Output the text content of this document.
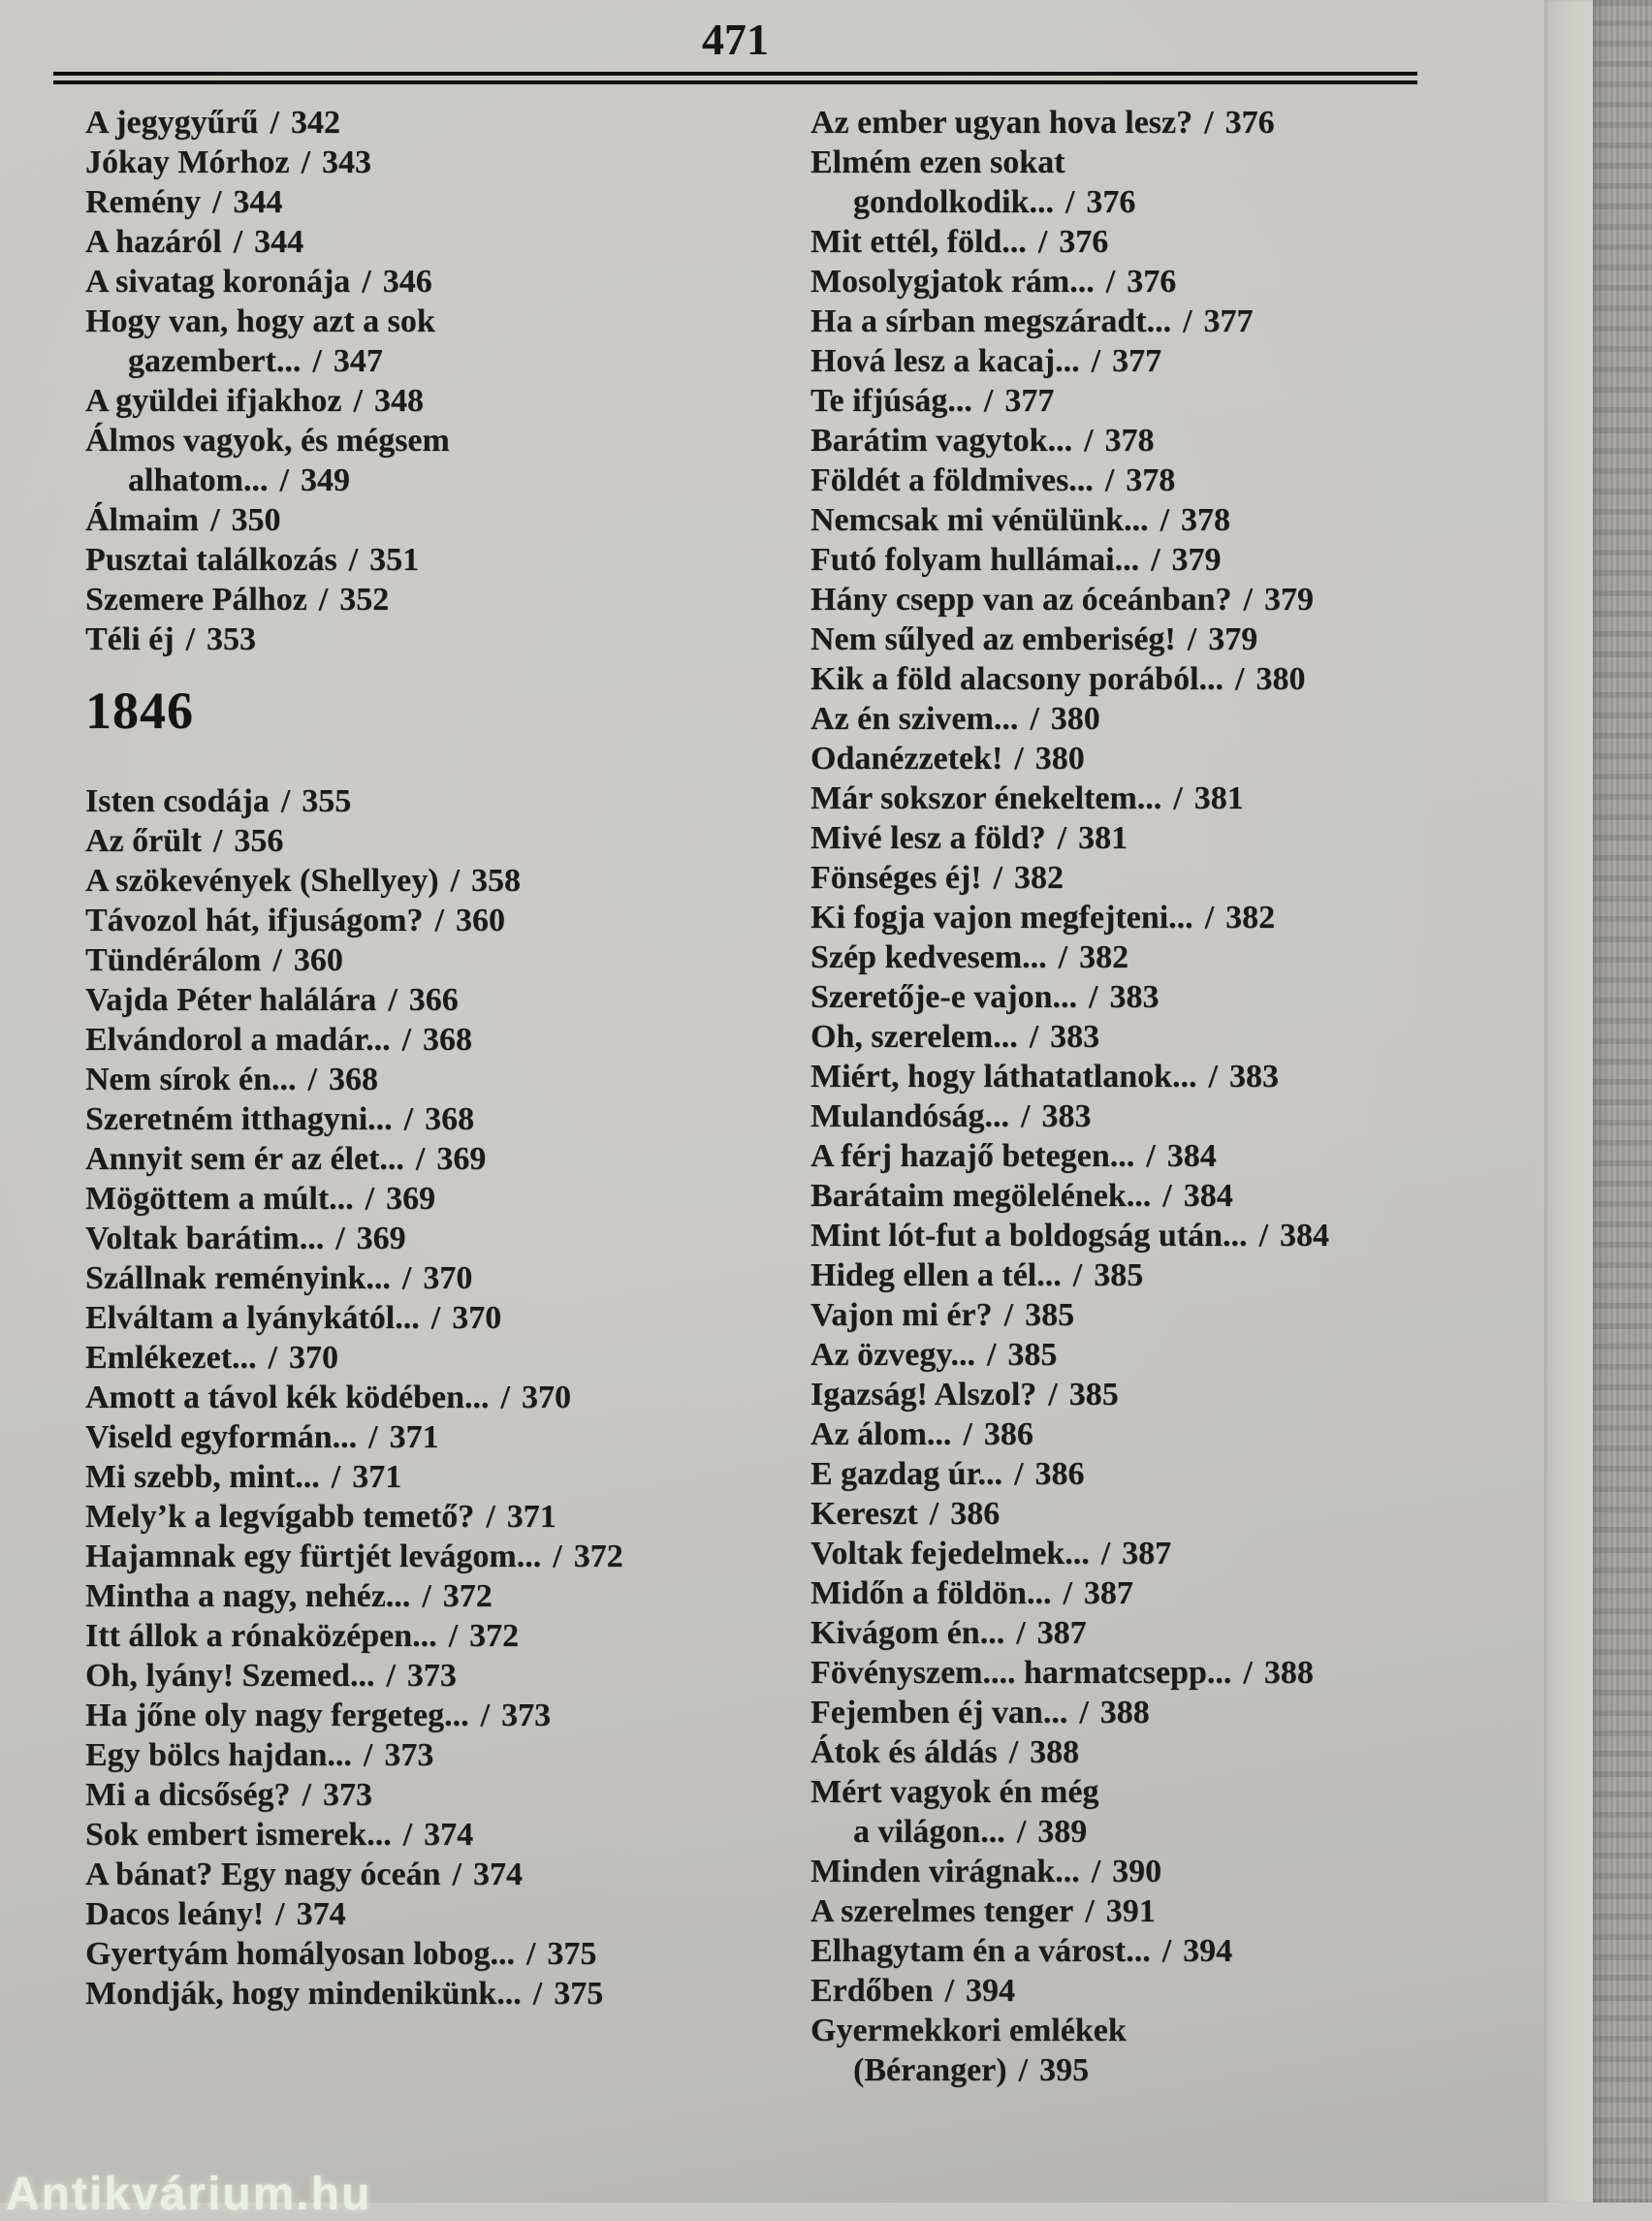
471
A jegygyűrű / 342
Jókay Mórhoz / 343
Remény / 344
A hazáról / 344
A sivatag koronája / 346
Hogy van, hogy azt a sok
gazembert... / 347
A gyüldei ifjakhoz / 348
Álmos vagyok, és mégsem
alhatom... / 349
Álmaim / 350
Pusztai találkozás / 351
Szemere Pálhoz / 352
Téli éj / 353
1846
Isten csodája / 355
Az őrült / 356
A szökevények (Shellyey) / 358
Távozol hát, ifjuságom? / 360
Tündérálom / 360
Vajda Péter halálára / 366
Elvándorol a madár... / 368
Nem sírok én... / 368
Szeretném itthagyni... / 368
Annyit sem ér az élet... / 369
Mögöttem a múlt... / 369
Voltak barátim... / 369
Szállnak reményink... / 370
Elváltam a lyánykától... / 370
Emlékezet... / 370
Amott a távol kék ködében... / 370
Viseld egyformán... / 371
Mi szebb, mint... / 371
Mely’k a legvígabb temető? / 371
Hajamnak egy fürtjét levágom... / 372
Mintha a nagy, nehéz... / 372
Itt állok a rónaközépen... / 372
Oh, lyány! Szemed... / 373
Ha jőne oly nagy fergeteg... / 373
Egy bölcs hajdan... / 373
Mi a dicsőség? / 373
Sok embert ismerek... / 374
A bánat? Egy nagy óceán / 374
Dacos leány! / 374
Gyertyám homályosan lobog... / 375
Mondják, hogy mindenikünk... / 375
Az ember ugyan hova lesz? / 376
Elmém ezen sokat
gondolkodik... / 376
Mit ettél, föld... / 376
Mosolygjatok rám... / 376
Ha a sírban megszáradt... / 377
Hová lesz a kacaj... / 377
Te ifjúság... / 377
Barátim vagytok... / 378
Földét a földmives... / 378
Nemcsak mi vénülünk... / 378
Futó folyam hullámai... / 379
Hány csepp van az óceánban? / 379
Nem sűlyed az emberiség! / 379
Kik a föld alacsony porából... / 380
Az én szivem... / 380
Odanézzetek! / 380
Már sokszor énekeltem... / 381
Mivé lesz a föld? / 381
Fönséges éj! / 382
Ki fogja vajon megfejteni... / 382
Szép kedvesem... / 382
Szeretője-e vajon... / 383
Oh, szerelem... / 383
Miért, hogy láthatatlanok... / 383
Mulandóság... / 383
A férj hazajő betegen... / 384
Barátaim megölelének... / 384
Mint lót-fut a boldogság után... / 384
Hideg ellen a tél... / 385
Vajon mi ér? / 385
Az özvegy... / 385
Igazság! Alszol? / 385
Az álom... / 386
E gazdag úr... / 386
Kereszt / 386
Voltak fejedelmek... / 387
Midőn a földön... / 387
Kivágom én... / 387
Fövényszem.... harmatcsepp... / 388
Fejemben éj van... / 388
Átok és áldás / 388
Mért vagyok én még
a világon... / 389
Minden virágnak... / 390
A szerelmes tenger / 391
Elhagytam én a várost... / 394
Erdőben / 394
Gyermekkori emlékek
(Béranger) / 395
Antikvárium.hu
